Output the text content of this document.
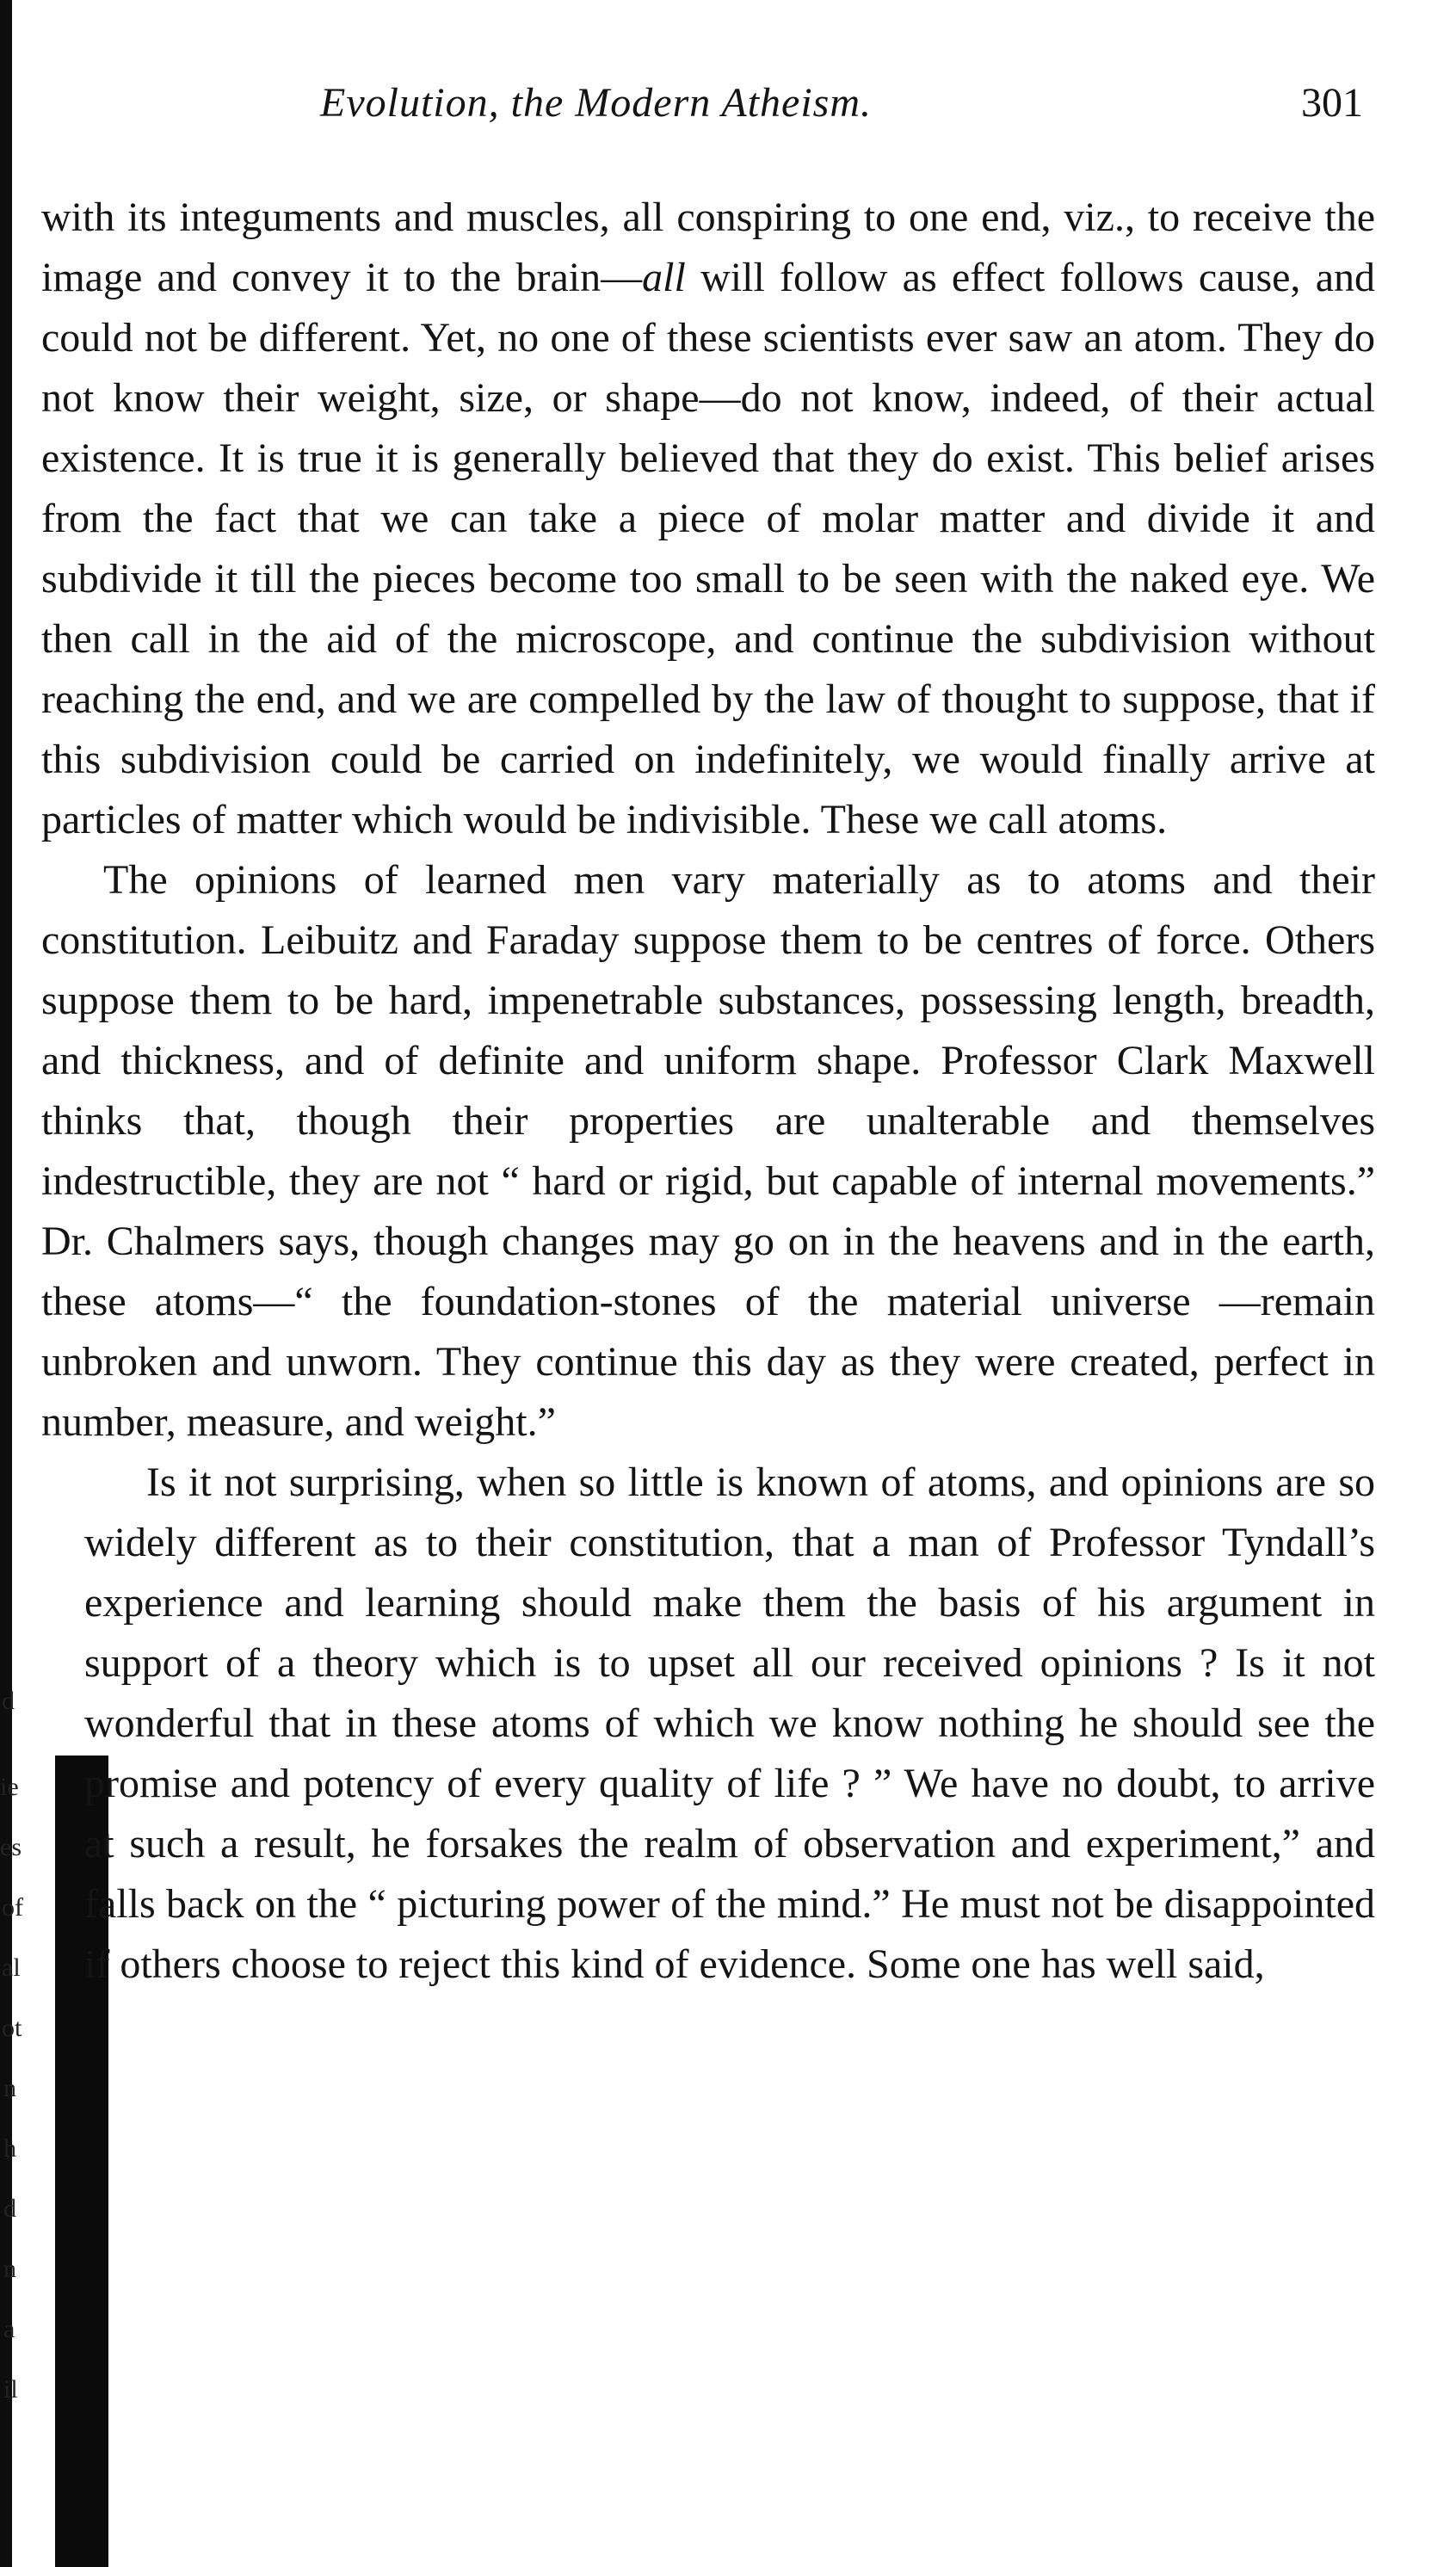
Evolution, the Modern Atheism.	301

with its integuments and muscles, all conspiring to one end, viz., to receive the image and convey it to the brain—all will follow as effect follows cause, and could not be different. Yet, no one of these scientists ever saw an atom. They do not know their weight, size, or shape—do not know, indeed, of their actual existence. It is true it is generally believed that they do exist. This belief arises from the fact that we can take a piece of molar matter and divide it and subdivide it till the pieces become too small to be seen with the naked eye. We then call in the aid of the microscope, and continue the subdivision without reaching the end, and we are compelled by the law of thought to suppose, that if this subdivision could be carried on indefinitely, we would finally arrive at particles of matter which would be indivisible. These we call atoms.

The opinions of learned men vary materially as to atoms and their constitution. Leibuitz and Faraday suppose them to be centres of force. Others suppose them to be hard, impenetrable substances, possessing length, breadth, and thickness, and of definite and uniform shape. Professor Clark Maxwell thinks that, though their properties are unalterable and themselves indestructible, they are not “ hard or rigid, but capable of internal movements.” Dr. Chalmers says, though changes may go on in the heavens and in the earth, these atoms—“ the foundation-stones of the material universe —remain unbroken and unworn. They continue this day as they were created, perfect in number, measure, and weight.”

Is it not surprising, when so little is known of atoms, and opinions are so widely different as to their constitution, that a man of Professor Tyndall’s experience and learning should make them the basis of his argument in support of a theory which is to upset all our received opinions ? Is it not wonderful that in these atoms of which we know nothing he should see the promise and potency of every quality of life ? ” We have no doubt, to arrive at such a result, he forsakes the realm of observation and experiment,” and falls back on the “ picturing power of the mind.” He must not be disappointed if others choose to reject this kind of evidence. Some one has well said,

d
ie
es
of
al
ot
n
h
d
n
a
il
